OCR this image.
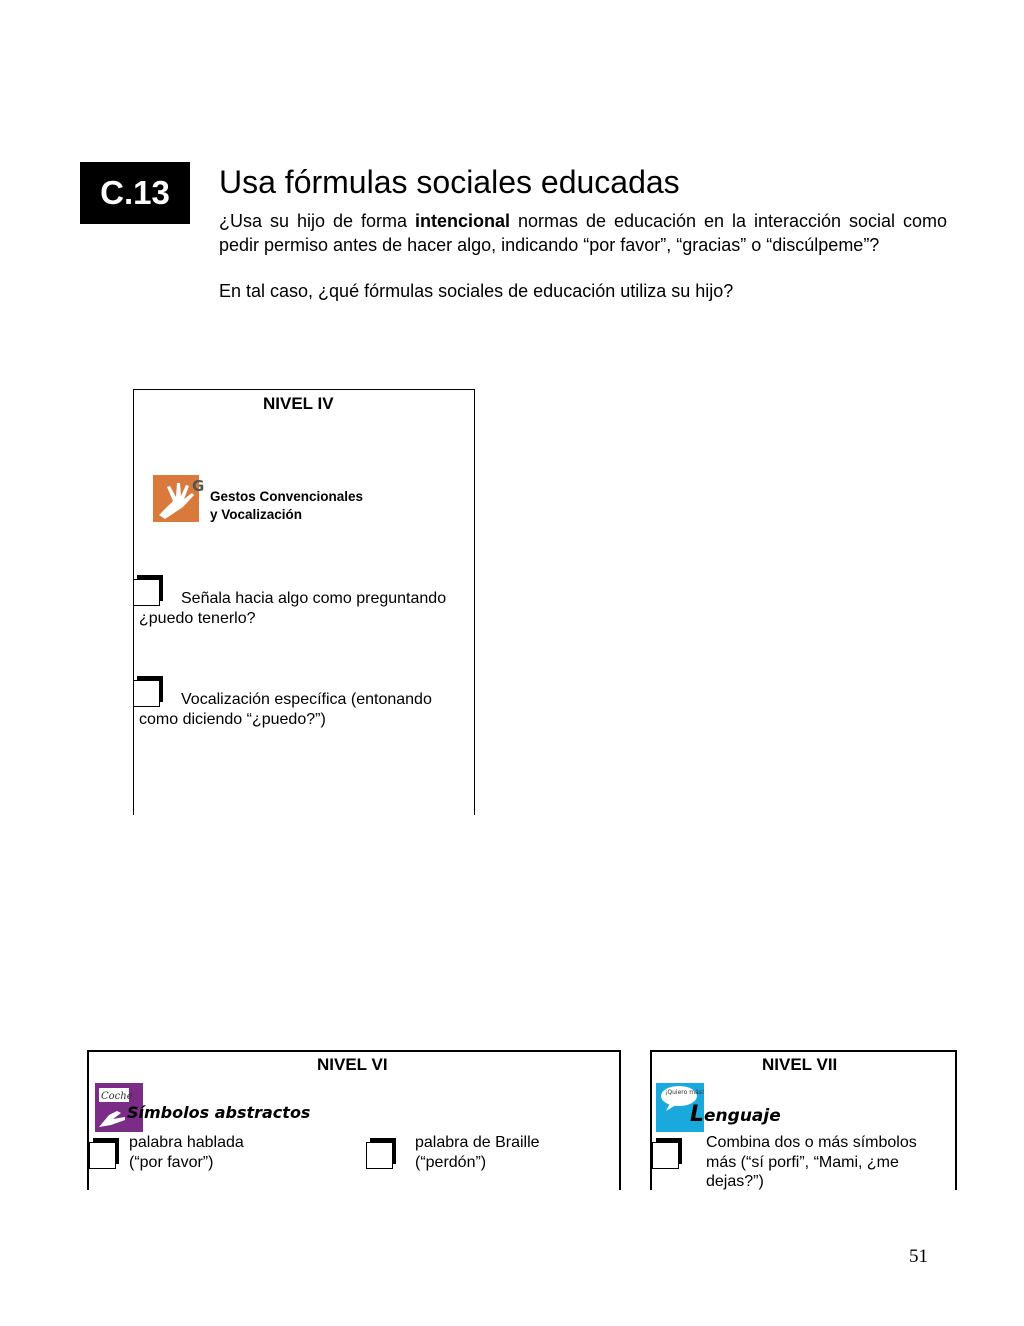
C.13	Usa fórmulas sociales educadas

¿Usa su hijo de forma intencional normas de educación en la interacción social como pedir permiso antes de hacer algo, indicando “por favor”, “gracias” o “discúlpeme”?

En tal caso, ¿qué fórmulas sociales de educación utiliza su hijo?
NIVEL IV
G
Gestos Convencionales
y Vocalización
Señala hacia algo como preguntando
¿puedo tenerlo?
Vocalización específica (entonando
como diciendo “¿puedo?”)
NIVEL VI
Coche
Símbolos abstractos
palabra hablada
(“por favor”)
palabra de Braille
(“perdón”)
NIVEL VII
¡Quiero más!
Lenguaje
Combina dos o más símbolos
más (“sí porfi”, “Mami, ¿me
dejas?”)
51
